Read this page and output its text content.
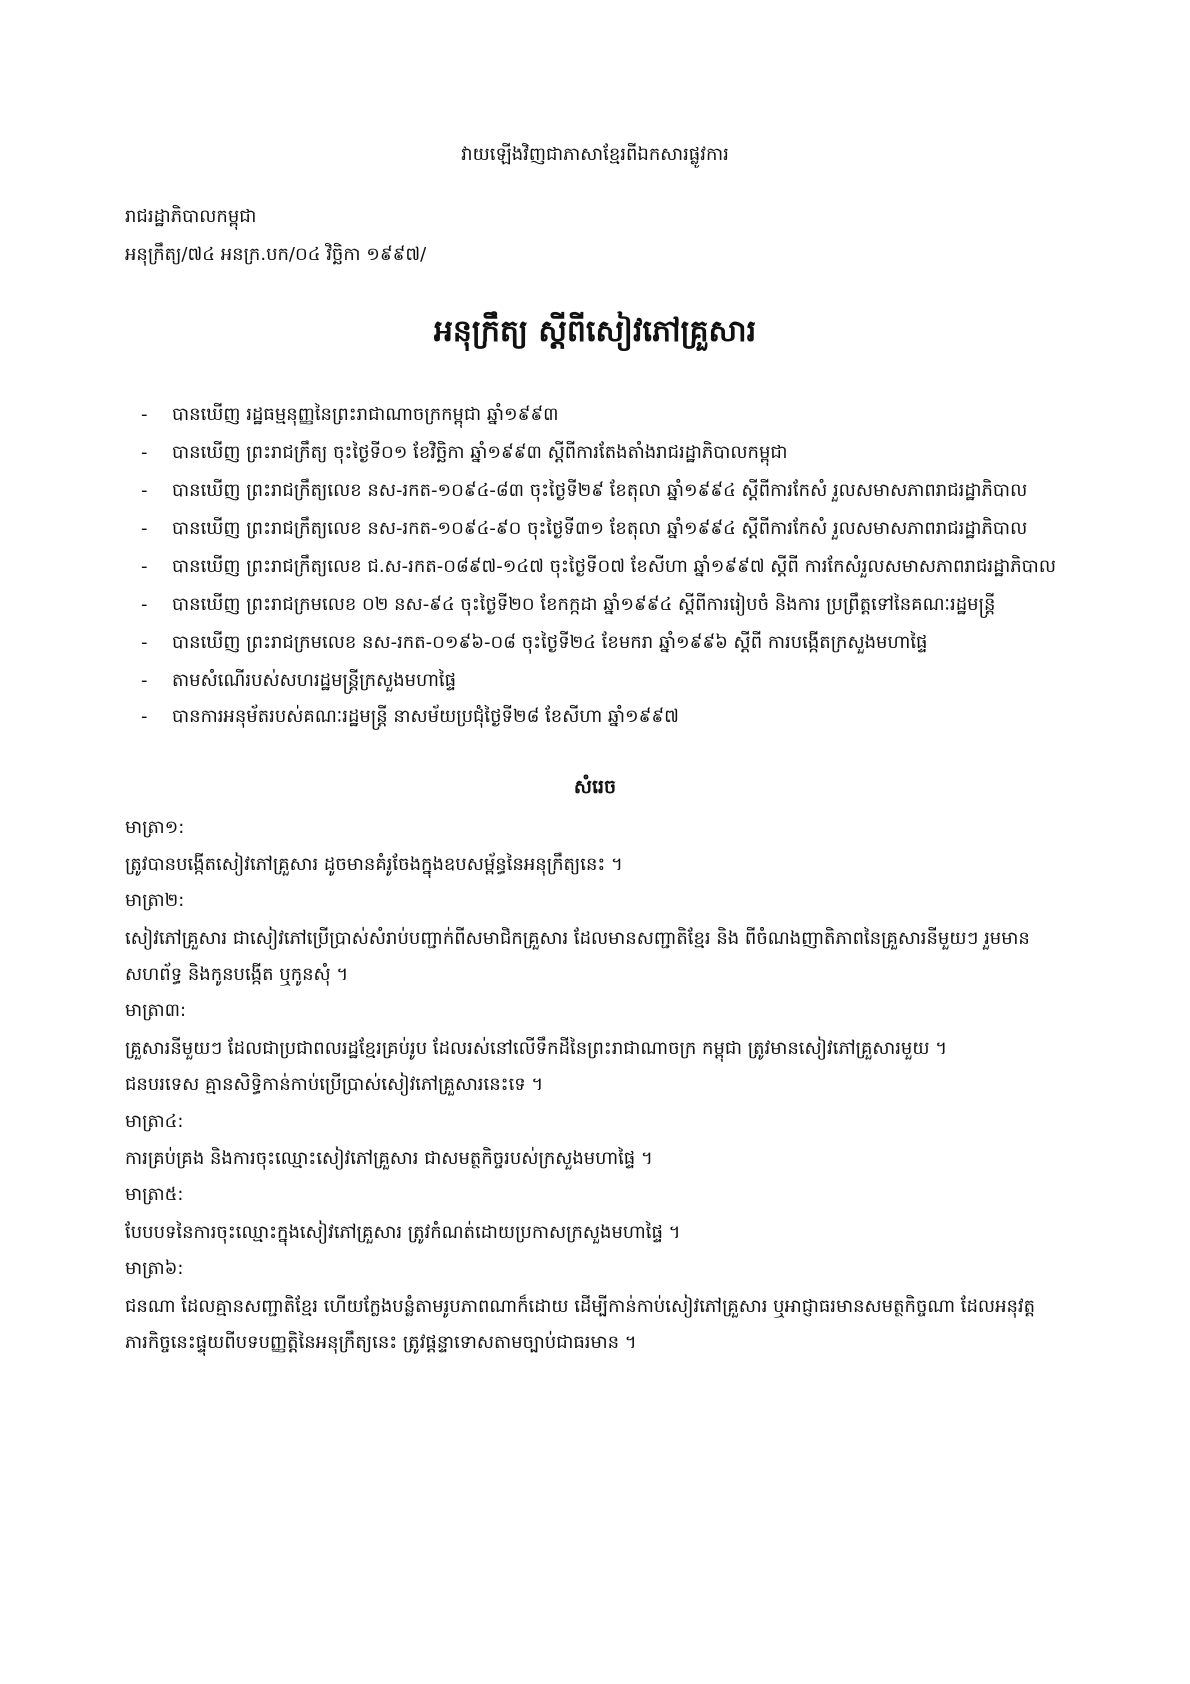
វាយឡើងវិញជាភាសាខ្មែរពីឯកសារផ្លូវការ
រាជរដ្ឋាភិបាលកម្ពុជា
អនុក្រឹត្យ/៧៤ អនក្រ.បក/០៤ វិច្ឆិកា ១៩៩៧/
អនុក្រឹត្យ ស្តីពីសៀវភៅគ្រួសារ
- បានឃើញ រដ្ឋធម្មនុញ្ញនៃព្រះរាជាណាចក្រកម្ពុជា ឆ្នាំ១៩៩៣
- បានឃើញ ព្រះរាជក្រឹត្យ ចុះថ្ងៃទី០១ ខែវិច្ឆិកា ឆ្នាំ១៩៩៣ ស្តីពីការតែងតាំងរាជរដ្ឋាភិបាលកម្ពុជា
- បានឃើញ ព្រះរាជក្រឹត្យលេខ នស-រកត-១០៩៤-៨៣ ចុះថ្ងៃទី២៩ ខែតុលា ឆ្នាំ១៩៩៤ ស្តីពីការកែសំ រួលសមាសភាពរាជរដ្ឋាភិបាល
- បានឃើញ ព្រះរាជក្រឹត្យលេខ នស-រកត-១០៩៤-៩០ ចុះថ្ងៃទី៣១ ខែតុលា ឆ្នាំ១៩៩៤ ស្តីពីការកែសំ រួលសមាសភាពរាជរដ្ឋាភិបាល
- បានឃើញ ព្រះរាជក្រឹត្យលេខ ជ.ស-រកត-០៨៩៧-១៤៧ ចុះថ្ងៃទី០៧ ខែសីហា ឆ្នាំ១៩៩៧ ស្តីពី ការកែសំរួលសមាសភាពរាជរដ្ឋាភិបាល
- បានឃើញ ព្រះរាជក្រមលេខ ០២ នស-៩៤ ចុះថ្ងៃទី២០ ខែកក្កដា ឆ្នាំ១៩៩៤ ស្តីពីការរៀបចំ និងការ ប្រព្រឹត្តទៅនៃគណៈរដ្ឋមន្ត្រី
- បានឃើញ ព្រះរាជក្រមលេខ នស-រកត-០១៩៦-០៨ ចុះថ្ងៃទី២៤ ខែមករា ឆ្នាំ១៩៩៦ ស្តីពី ការបង្កើតក្រសួងមហាផ្ទៃ
- តាមសំណើរបស់សហរដ្ឋមន្ត្រីក្រសួងមហាផ្ទៃ
- បានការអនុម័តរបស់គណៈរដ្ឋមន្ត្រី នាសម័យប្រជុំថ្ងៃទី២៨ ខែសីហា ឆ្នាំ១៩៩៧
សំរេច
មាត្រា១:
ត្រូវបានបង្កើតសៀវភៅគ្រួសារ ដូចមានគំរូចែងក្នុងឧបសម្ព័ន្ធនៃអនុក្រឹត្យនេះ ។
មាត្រា២:
សៀវភៅគ្រួសារ ជាសៀវភៅប្រើប្រាស់សំរាប់បញ្ជាក់ពីសមាជិកគ្រួសារ ដែលមានសញ្ជាតិខ្មែរ និង ពីចំណងញាតិភាពនៃគ្រួសារនីមួយៗ រួមមាន
សហព័ទ្ធ និងកូនបង្កើត ឬកូនសុំ ។
មាត្រា៣:
គ្រួសារនីមួយៗ ដែលជាប្រជាពលរដ្ឋខ្មែរគ្រប់រូប ដែលរស់នៅលើទឹកដីនៃព្រះរាជាណាចក្រ កម្ពុជា ត្រូវមានសៀវភៅគ្រួសារមួយ ។
ជនបរទេស គ្មានសិទ្ធិកាន់កាប់ប្រើប្រាស់សៀវភៅគ្រួសារនេះទេ ។
មាត្រា៤:
ការគ្រប់គ្រង និងការចុះឈ្មោះសៀវភៅគ្រួសារ ជាសមត្ថកិច្ចរបស់ក្រសួងមហាផ្ទៃ ។
មាត្រា៥:
បែបបទនៃការចុះឈ្មោះក្នុងសៀវភៅគ្រួសារ ត្រូវកំណត់ដោយប្រកាសក្រសួងមហាផ្ទៃ ។
មាត្រា៦:
ជនណា ដែលគ្មានសញ្ជាតិខ្មែរ ហើយក្លែងបន្លំតាមរូបភាពណាក៏ដោយ ដើម្បីកាន់កាប់សៀវភៅគ្រួសារ ឬអាជ្ញាធរមានសមត្ថកិច្ចណា ដែលអនុវត្ត
ភារកិច្ចនេះផ្ទុយពីបទបញ្ញត្តិនៃអនុក្រឹត្យនេះ ត្រូវផ្តន្ទាទោសតាមច្បាប់ជាធរមាន ។
